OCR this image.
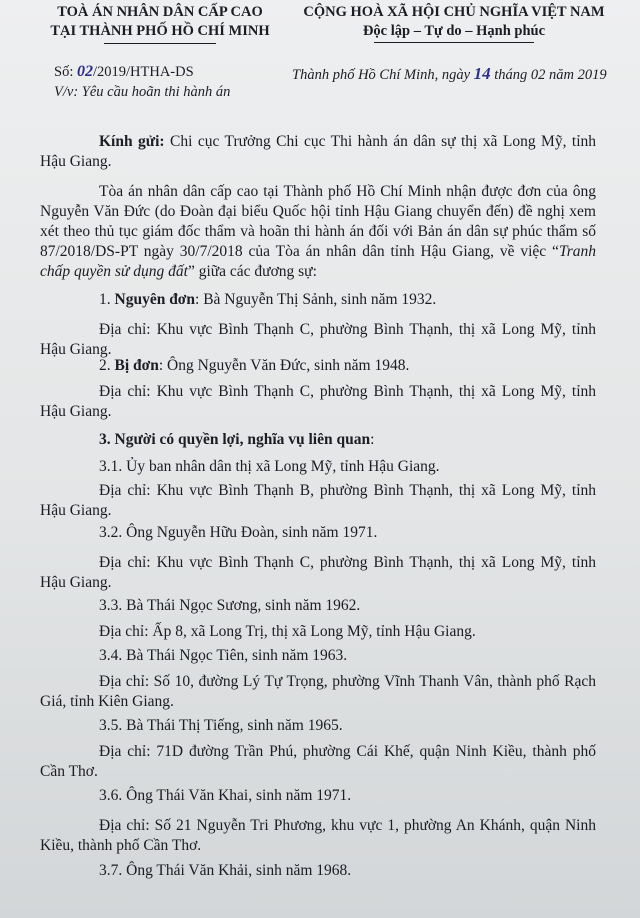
TOÀ ÁN NHÂN DÂN CẤP CAO
TẠI THÀNH PHỐ HỒ CHÍ MINH
CỘNG HOÀ XÃ HỘI CHỦ NGHĨA VIỆT NAM
Độc lập – Tự do – Hạnh phúc
Số: 02/2019/HTHA-DS
V/v: Yêu cầu hoãn thi hành án
Thành phố Hồ Chí Minh, ngày 14 tháng 02 năm 2019
Kính gửi: Chi cục Trưởng Chi cục Thi hành án dân sự thị xã Long Mỹ, tỉnh Hậu Giang.
Tòa án nhân dân cấp cao tại Thành phố Hồ Chí Minh nhận được đơn của ông Nguyễn Văn Đức (do Đoàn đại biểu Quốc hội tỉnh Hậu Giang chuyển đến) đề nghị xem xét theo thủ tục giám đốc thẩm và hoãn thi hành án đối với Bản án dân sự phúc thẩm số 87/2018/DS-PT ngày 30/7/2018 của Tòa án nhân dân tỉnh Hậu Giang, về việc “Tranh chấp quyền sử dụng đất” giữa các đương sự:
1. Nguyên đơn: Bà Nguyễn Thị Sảnh, sinh năm 1932.
Địa chỉ: Khu vực Bình Thạnh C, phường Bình Thạnh, thị xã Long Mỹ, tỉnh Hậu Giang.
2. Bị đơn: Ông Nguyễn Văn Đức, sinh năm 1948.
Địa chỉ: Khu vực Bình Thạnh C, phường Bình Thạnh, thị xã Long Mỹ, tỉnh Hậu Giang.
3. Người có quyền lợi, nghĩa vụ liên quan:
3.1. Ủy ban nhân dân thị xã Long Mỹ, tỉnh Hậu Giang.
Địa chỉ: Khu vực Bình Thạnh B, phường Bình Thạnh, thị xã Long Mỹ, tỉnh Hậu Giang.
3.2. Ông Nguyễn Hữu Đoàn, sinh năm 1971.
Địa chỉ: Khu vực Bình Thạnh C, phường Bình Thạnh, thị xã Long Mỹ, tỉnh Hậu Giang.
3.3. Bà Thái Ngọc Sương, sinh năm 1962.
Địa chỉ: Ấp 8, xã Long Trị, thị xã Long Mỹ, tỉnh Hậu Giang.
3.4. Bà Thái Ngọc Tiên, sinh năm 1963.
Địa chỉ: Số 10, đường Lý Tự Trọng, phường Vĩnh Thanh Vân, thành phố Rạch Giá, tỉnh Kiên Giang.
3.5. Bà Thái Thị Tiếng, sinh năm 1965.
Địa chỉ: 71D đường Trần Phú, phường Cái Khế, quận Ninh Kiều, thành phố Cần Thơ.
3.6. Ông Thái Văn Khai, sinh năm 1971.
Địa chỉ: Số 21 Nguyễn Tri Phương, khu vực 1, phường An Khánh, quận Ninh Kiều, thành phố Cần Thơ.
3.7. Ông Thái Văn Khải, sinh năm 1968.
